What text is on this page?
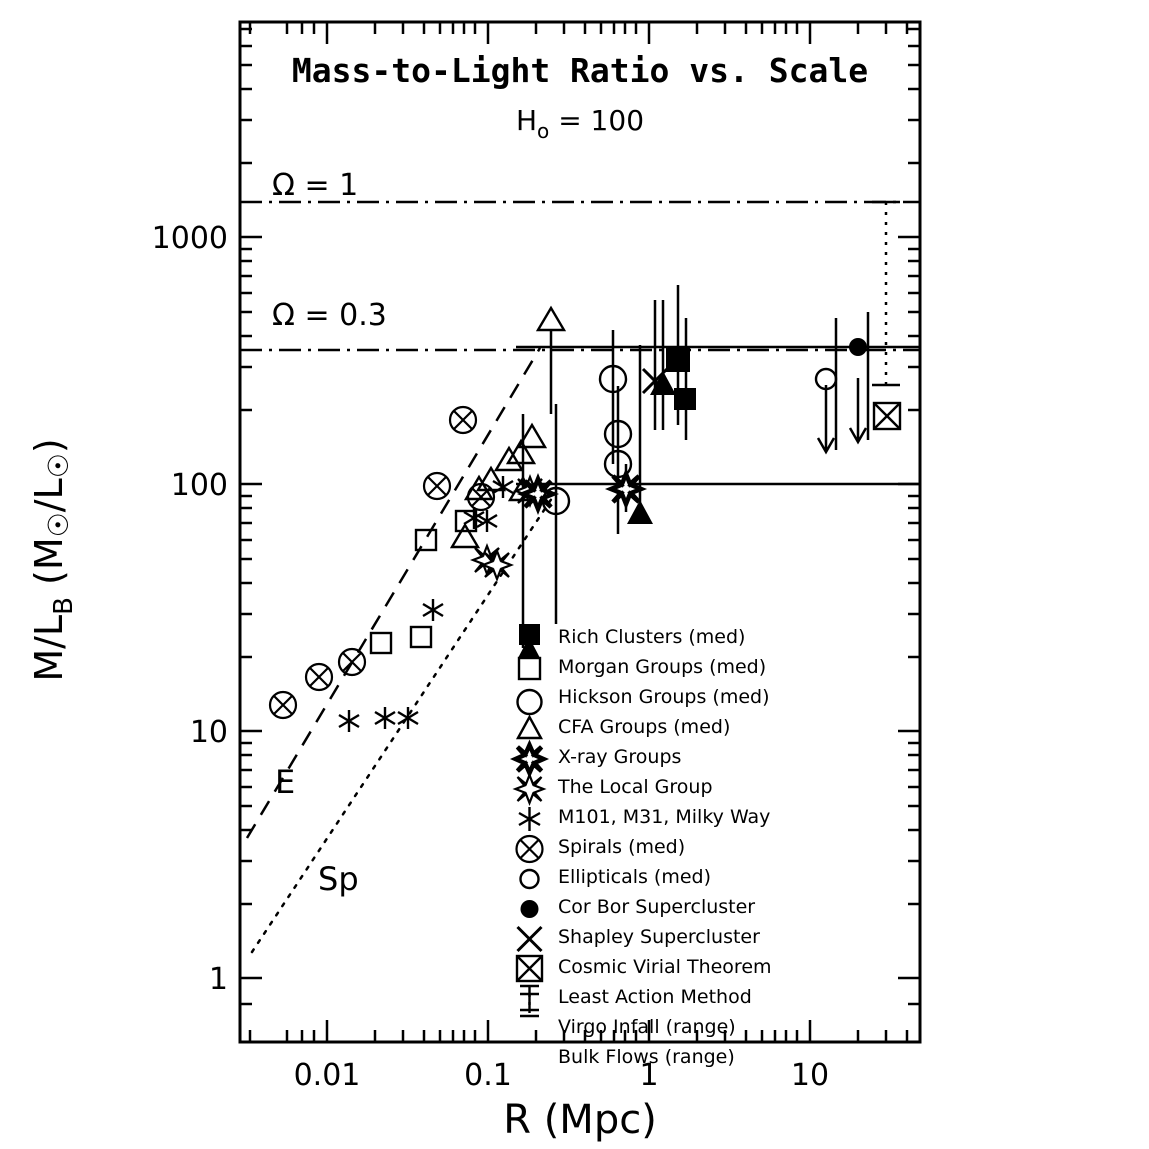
0.01	0.1	1	10
1
10
100
1000
R (Mpc)
$M/L_B$ (M☉/L☉)
Mass-to-Light Ratio vs. Scale
$H_o = 100$
Ω = 1
Ω = 0.3
E
Sp
Rich Clusters (med)
Morgan Groups (med)
Hickson Groups (med)
CFA Groups (med)
X-ray Groups
The Local Group
M101, M31, Milky Way
Spirals (med)
Ellipticals (med)
Cor Bor Supercluster
Shapley Supercluster
Cosmic Virial Theorem
Least Action Method
Virgo Infall (range)
Bulk Flows (range)
